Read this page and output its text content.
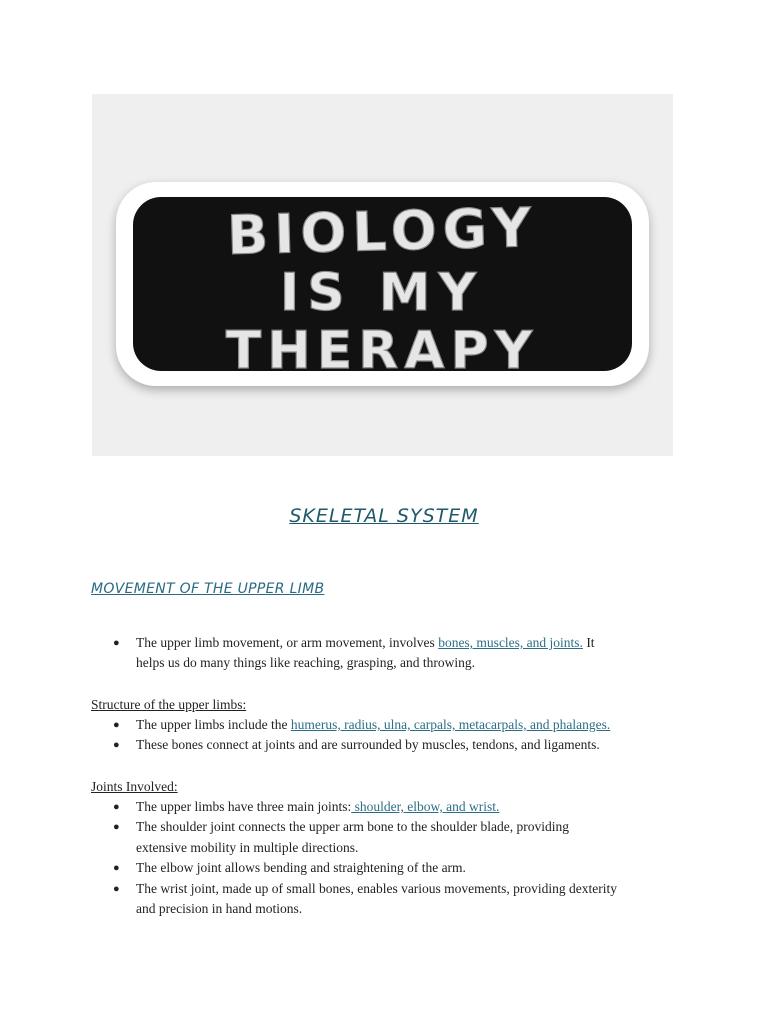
BIOLOGY
IS MY
THERAPY
SKELETAL SYSTEM
MOVEMENT OF THE UPPER LIMB
● The upper limb movement, or arm movement, involves bones, muscles, and joints. It
helps us do many things like reaching, grasping, and throwing.
Structure of the upper limbs:
● The upper limbs include the humerus, radius, ulna, carpals, metacarpals, and phalanges.
● These bones connect at joints and are surrounded by muscles, tendons, and ligaments.
Joints Involved:
● The upper limbs have three main joints: shoulder, elbow, and wrist.
● The shoulder joint connects the upper arm bone to the shoulder blade, providing
extensive mobility in multiple directions.
● The elbow joint allows bending and straightening of the arm.
● The wrist joint, made up of small bones, enables various movements, providing dexterity
and precision in hand motions.
